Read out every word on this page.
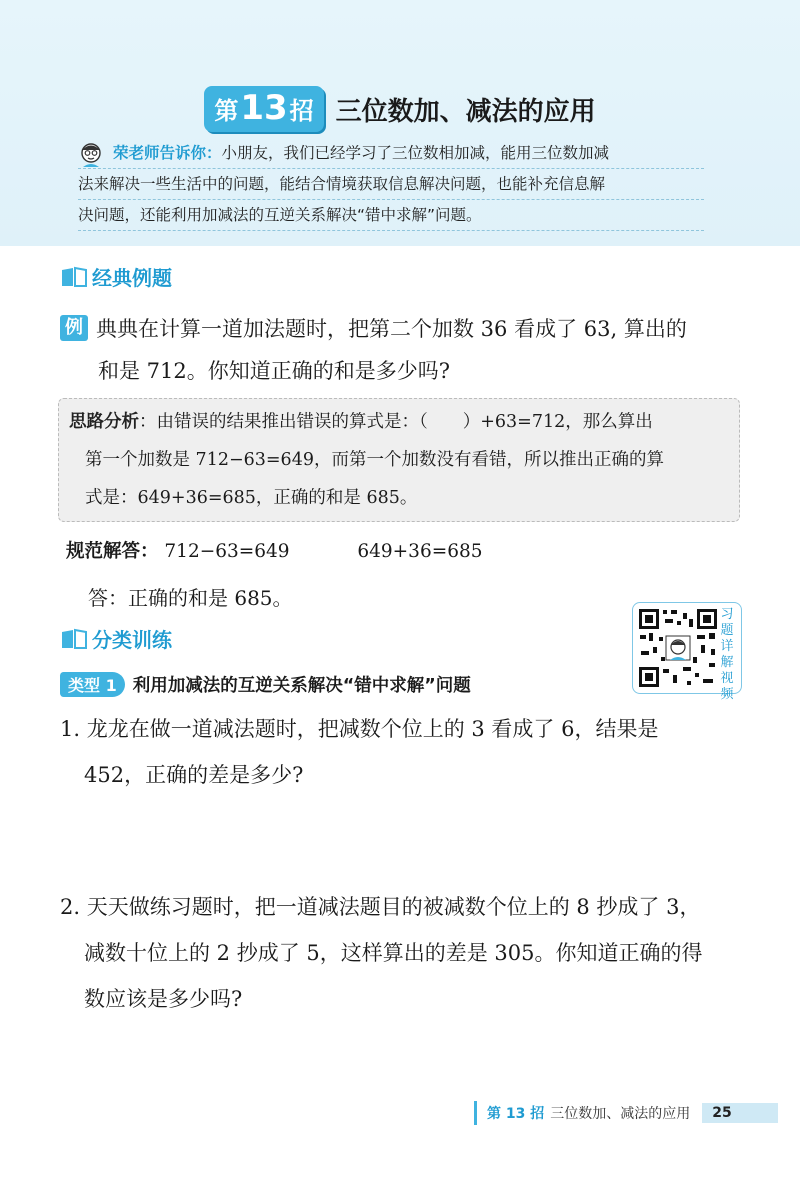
第 13 招 三位数加、减法的应用
荣老师告诉你：小朋友，我们已经学习了三位数相加减，能用三位数加减
法来解决一些生活中的问题，能结合情境获取信息解决问题，也能补充信息解
决问题，还能利用加减法的互逆关系解决“错中求解”问题。
经典例题
例 典典在计算一道加法题时，把第二个加数 36 看成了 63, 算出的
和是 712。你知道正确的和是多少吗?
思路分析：由错误的结果推出错误的算式是：（　　）+63=712，那么算出
第一个加数是 712−63=649，而第一个加数没有看错，所以推出正确的算
式是：649+36=685，正确的和是 685。
规范解答： 712−63=649	649+36=685
答：正确的和是 685。
习
题
详
解
视
频
分类训练
类型 1 利用加减法的互逆关系解决“错中求解”问题
1. 龙龙在做一道减法题时，把减数个位上的 3 看成了 6，结果是
452，正确的差是多少?
2. 天天做练习题时，把一道减法题目的被减数个位上的 8 抄成了 3，
减数十位上的 2 抄成了 5，这样算出的差是 305。你知道正确的得
数应该是多少吗?
第 13 招 三位数加、减法的应用	25
